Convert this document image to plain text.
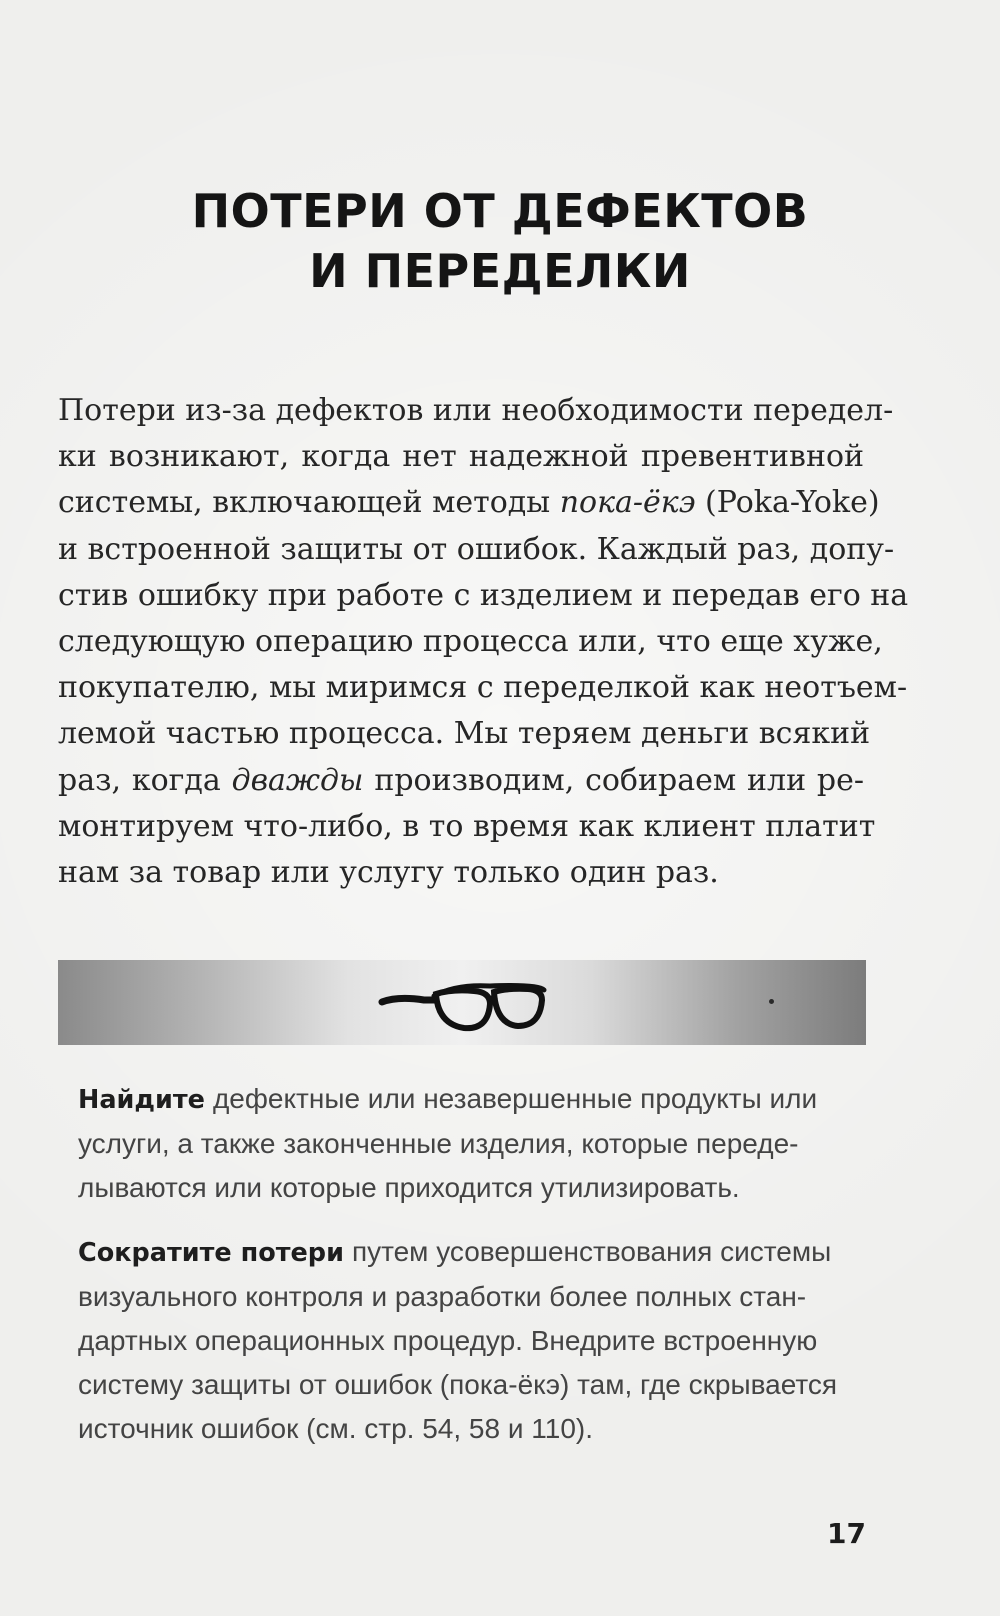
ПОТЕРИ ОТ ДЕФЕКТОВ
И ПЕРЕДЕЛКИ
Потери из-за дефектов или необходимости передел-
ки возникают, когда нет надежной превентивной
системы, включающей методы пока-ёкэ (Poka-Yoke)
и встроенной защиты от ошибок. Каждый раз, допу-
стив ошибку при работе с изделием и передав его на
следующую операцию процесса или, что еще хуже,
покупателю, мы миримся с переделкой как неотъем-
лемой частью процесса. Мы теряем деньги всякий
раз, когда дважды производим, собираем или ре-
монтируем что-либо, в то время как клиент платит
нам за товар или услугу только один раз.
Найдите дефектные или незавершенные продукты или
услуги, а также законченные изделия, которые переде-
лываются или которые приходится утилизировать.
Сократите потери путем усовершенствования системы
визуального контроля и разработки более полных стан-
дартных операционных процедур. Внедрите встроенную
систему защиты от ошибок (пока-ёкэ) там, где скрывается
источник ошибок (см. стр. 54, 58 и 110).
17
